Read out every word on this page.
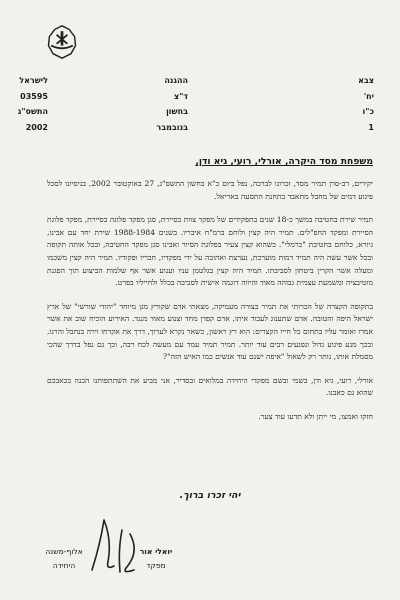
צבא
יח'
כ"ו
1
ההגנה
ד"צ
בחשון
בנובמבר
לישראל
03595
התשס"ג
2002
משפחת מסד היקרה, אורלי, רועי, גיא ודן,

יקירים, רב-סרן תמיר מסד, זכרונו לברכה, נפל ביום כ"א בחשון התשס"ג, 27 באוקטובר 2002, בניסיונו לסכל פיגוע דמים של מחבל מתאבד בתחנת התסעה באריאל.

תמיר שירת בחטיבה במשך כ-18 שנים בתפקידים של מפקד צוות בסיירת, סגן מפקד פלוגה בסיירת, מפקד פלוגת הסיירת ומפקד החפ"לים. תמיר היה קצין ולוחם ברמ"ח איבריו. בשנים 1988-1984 שירת יחד עם אבינו, גיורא, כלוחם בחטיבת "כרמלי". כשהוא קצין צעיר בפלוגת הסיור ואבינו סגן מפקד החטיבה, ובכל אותה תקופה ובכל אשר עשה היה תמיד דמות מוערכת, נערצת ואהובה על ידי מפקדיו, חבריו ופקודיו. תמיר היה קצין משכמו ומעלה אשר הקרין ביטחון לסביבתו. תמיד היה קצין בגלטמן עניו וענוע אשר אף שלמות הביצוע תוך הפגנת מוטיבציה ומשמעת עצמית גבוהה מאוד והיווה דוגמה אישית לסביבה בכלל ולחייליו בפרט.

בתקופה הקצרה של הכרותי את תמיר בצורה מעמיקה, מצאתי אדם שקורץ מגן מיוחד "יהודי שורשי" של ארץ ישראל היפה והטובה. אדם שתענוג לעבוד איתו, אדם קפדן מחד וצנוע מאוד מנגד. האירוע הוכיח שוב את אשר אמרו ואומר עליו בתחום כל חייו הקצרים: הוא רץ ראשון, כשאר נקרא לערוך, דרך את אקדחו וירה בנחבל והרגו, ובכך מנע פיגוע גדול ונפגעים רבים עוד יותר. תמיר תמיד עמד עם מעשה לכח רבה, וכך גם נפל בדרך שהכי מסמלת אותו, נותר רק לשאול "איפה ישנם עוד אנשים כמו האיש הזה"?

אורלי, רועי, גיא ודן, בשמי ובשם מפקדי היחידה במלואים ובסדיר, אני מביע את השתתפותנו הכנה בכאבכם שהוא גם כאבנו.

חזקו ואמצו, מי ייתן ולא תדעו עוד צער.

יהי זכרו ברוך.
יואלי אור
מפקד
אלוף-משנה
היחידה
